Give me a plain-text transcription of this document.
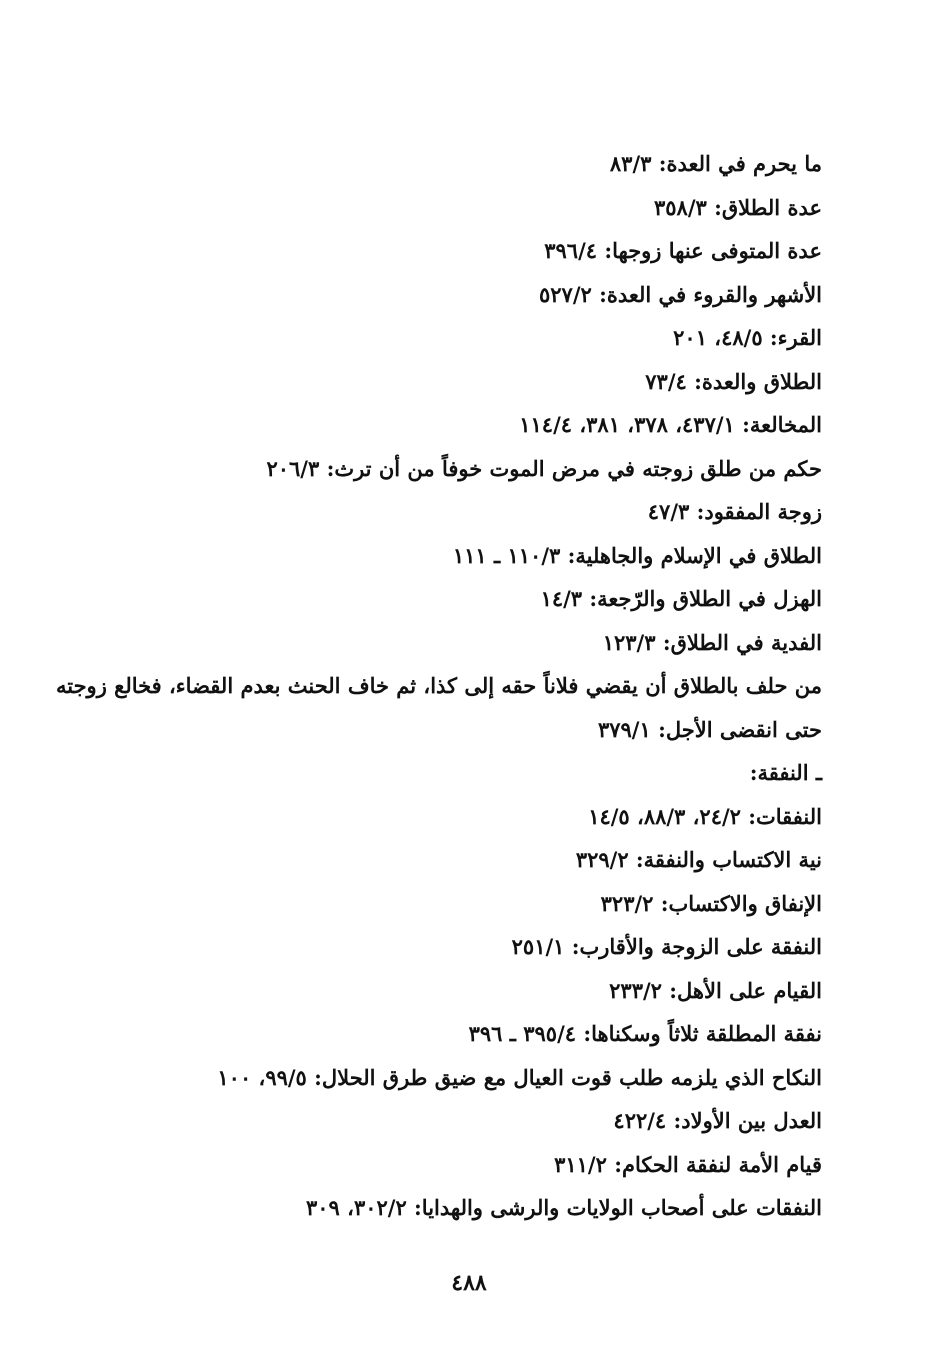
ما يحرم في العدة: ٨٣/٣
عدة الطلاق: ٣٥٨/٣
عدة المتوفى عنها زوجها: ٣٩٦/٤
الأشهر والقروء في العدة: ٥٢٧/٢
القرء: ٤٨/٥، ٢٠١
الطلاق والعدة: ٧٣/٤
المخالعة: ٤٣٧/١، ٣٧٨، ٣٨١، ١١٤/٤
حكم من طلق زوجته في مرض الموت خوفاً من أن ترث: ٢٠٦/٣
زوجة المفقود: ٤٧/٣
الطلاق في الإسلام والجاهلية: ١١٠/٣ ـ ١١١
الهزل في الطلاق والرّجعة: ١٤/٣
الفدية في الطلاق: ١٢٣/٣
من حلف بالطلاق أن يقضي فلاناً حقه إلى كذا، ثم خاف الحنث بعدم القضاء، فخالع زوجته
حتى انقضى الأجل: ٣٧٩/١
ـ النفقة:
النفقات: ٢٤/٢، ٨٨/٣، ١٤/٥
نية الاكتساب والنفقة: ٣٢٩/٢
الإنفاق والاكتساب: ٣٢٣/٢
النفقة على الزوجة والأقارب: ٢٥١/١
القيام على الأهل: ٢٣٣/٢
نفقة المطلقة ثلاثاً وسكناها: ٣٩٥/٤ ـ ٣٩٦
النكاح الذي يلزمه طلب قوت العيال مع ضيق طرق الحلال: ٩٩/٥، ١٠٠
العدل بين الأولاد: ٤٢٢/٤
قيام الأمة لنفقة الحكام: ٣١١/٢
النفقات على أصحاب الولايات والرشى والهدايا: ٣٠٢/٢، ٣٠٩
٤٨٨
